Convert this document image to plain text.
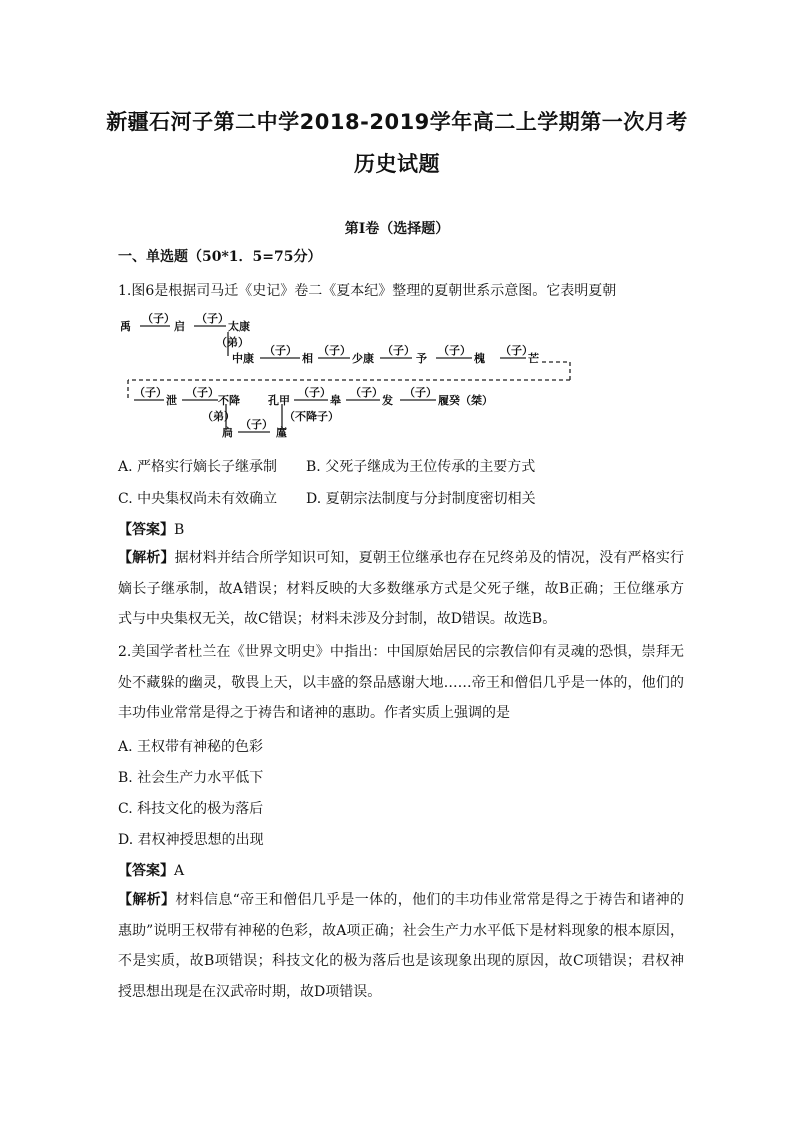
新疆石河子第二中学2018-2019学年高二上学期第一次月考
历史试题
第Ⅰ卷（选择题）
一、单选题（50*1．5=75分）
1.图6是根据司马迁《史记》卷二《夏本纪》整理的夏朝世系示意图。它表明夏朝
禹
（子）
启
（子）
太康
（弟）
中康
（子）
相
（子）
少康
（子）
予
（子）
槐
（子）
芒
（子）
泄
（子）
不降	孔甲
（子）
皋
（子）
发
（子）
履癸（桀）
（弟）	（不降子）
扃
（子）
廑
A. 严格实行嫡长子继承制 B. 父死子继成为王位传承的主要方式
C. 中央集权尚未有效确立 D. 夏朝宗法制度与分封制度密切相关
【答案】B
【解析】据材料并结合所学知识可知，夏朝王位继承也存在兄终弟及的情况，没有严格实行嫡长子继承制，故A错误；材料反映的大多数继承方式是父死子继，故B正确；王位继承方式与中央集权无关，故C错误；材料未涉及分封制，故D错误。故选B。
2.美国学者杜兰在《世界文明史》中指出：中国原始居民的宗教信仰有灵魂的恐惧，崇拜无处不藏躲的幽灵，敬畏上天，以丰盛的祭品感谢大地……帝王和僧侣几乎是一体的，他们的丰功伟业常常是得之于祷告和诸神的惠助。作者实质上强调的是
A. 王权带有神秘的色彩
B. 社会生产力水平低下
C. 科技文化的极为落后
D. 君权神授思想的出现
【答案】A
【解析】材料信息“帝王和僧侣几乎是一体的，他们的丰功伟业常常是得之于祷告和诸神的惠助”说明王权带有神秘的色彩，故A项正确；社会生产力水平低下是材料现象的根本原因，不是实质，故B项错误；科技文化的极为落后也是该现象出现的原因，故C项错误；君权神授思想出现是在汉武帝时期，故D项错误。
